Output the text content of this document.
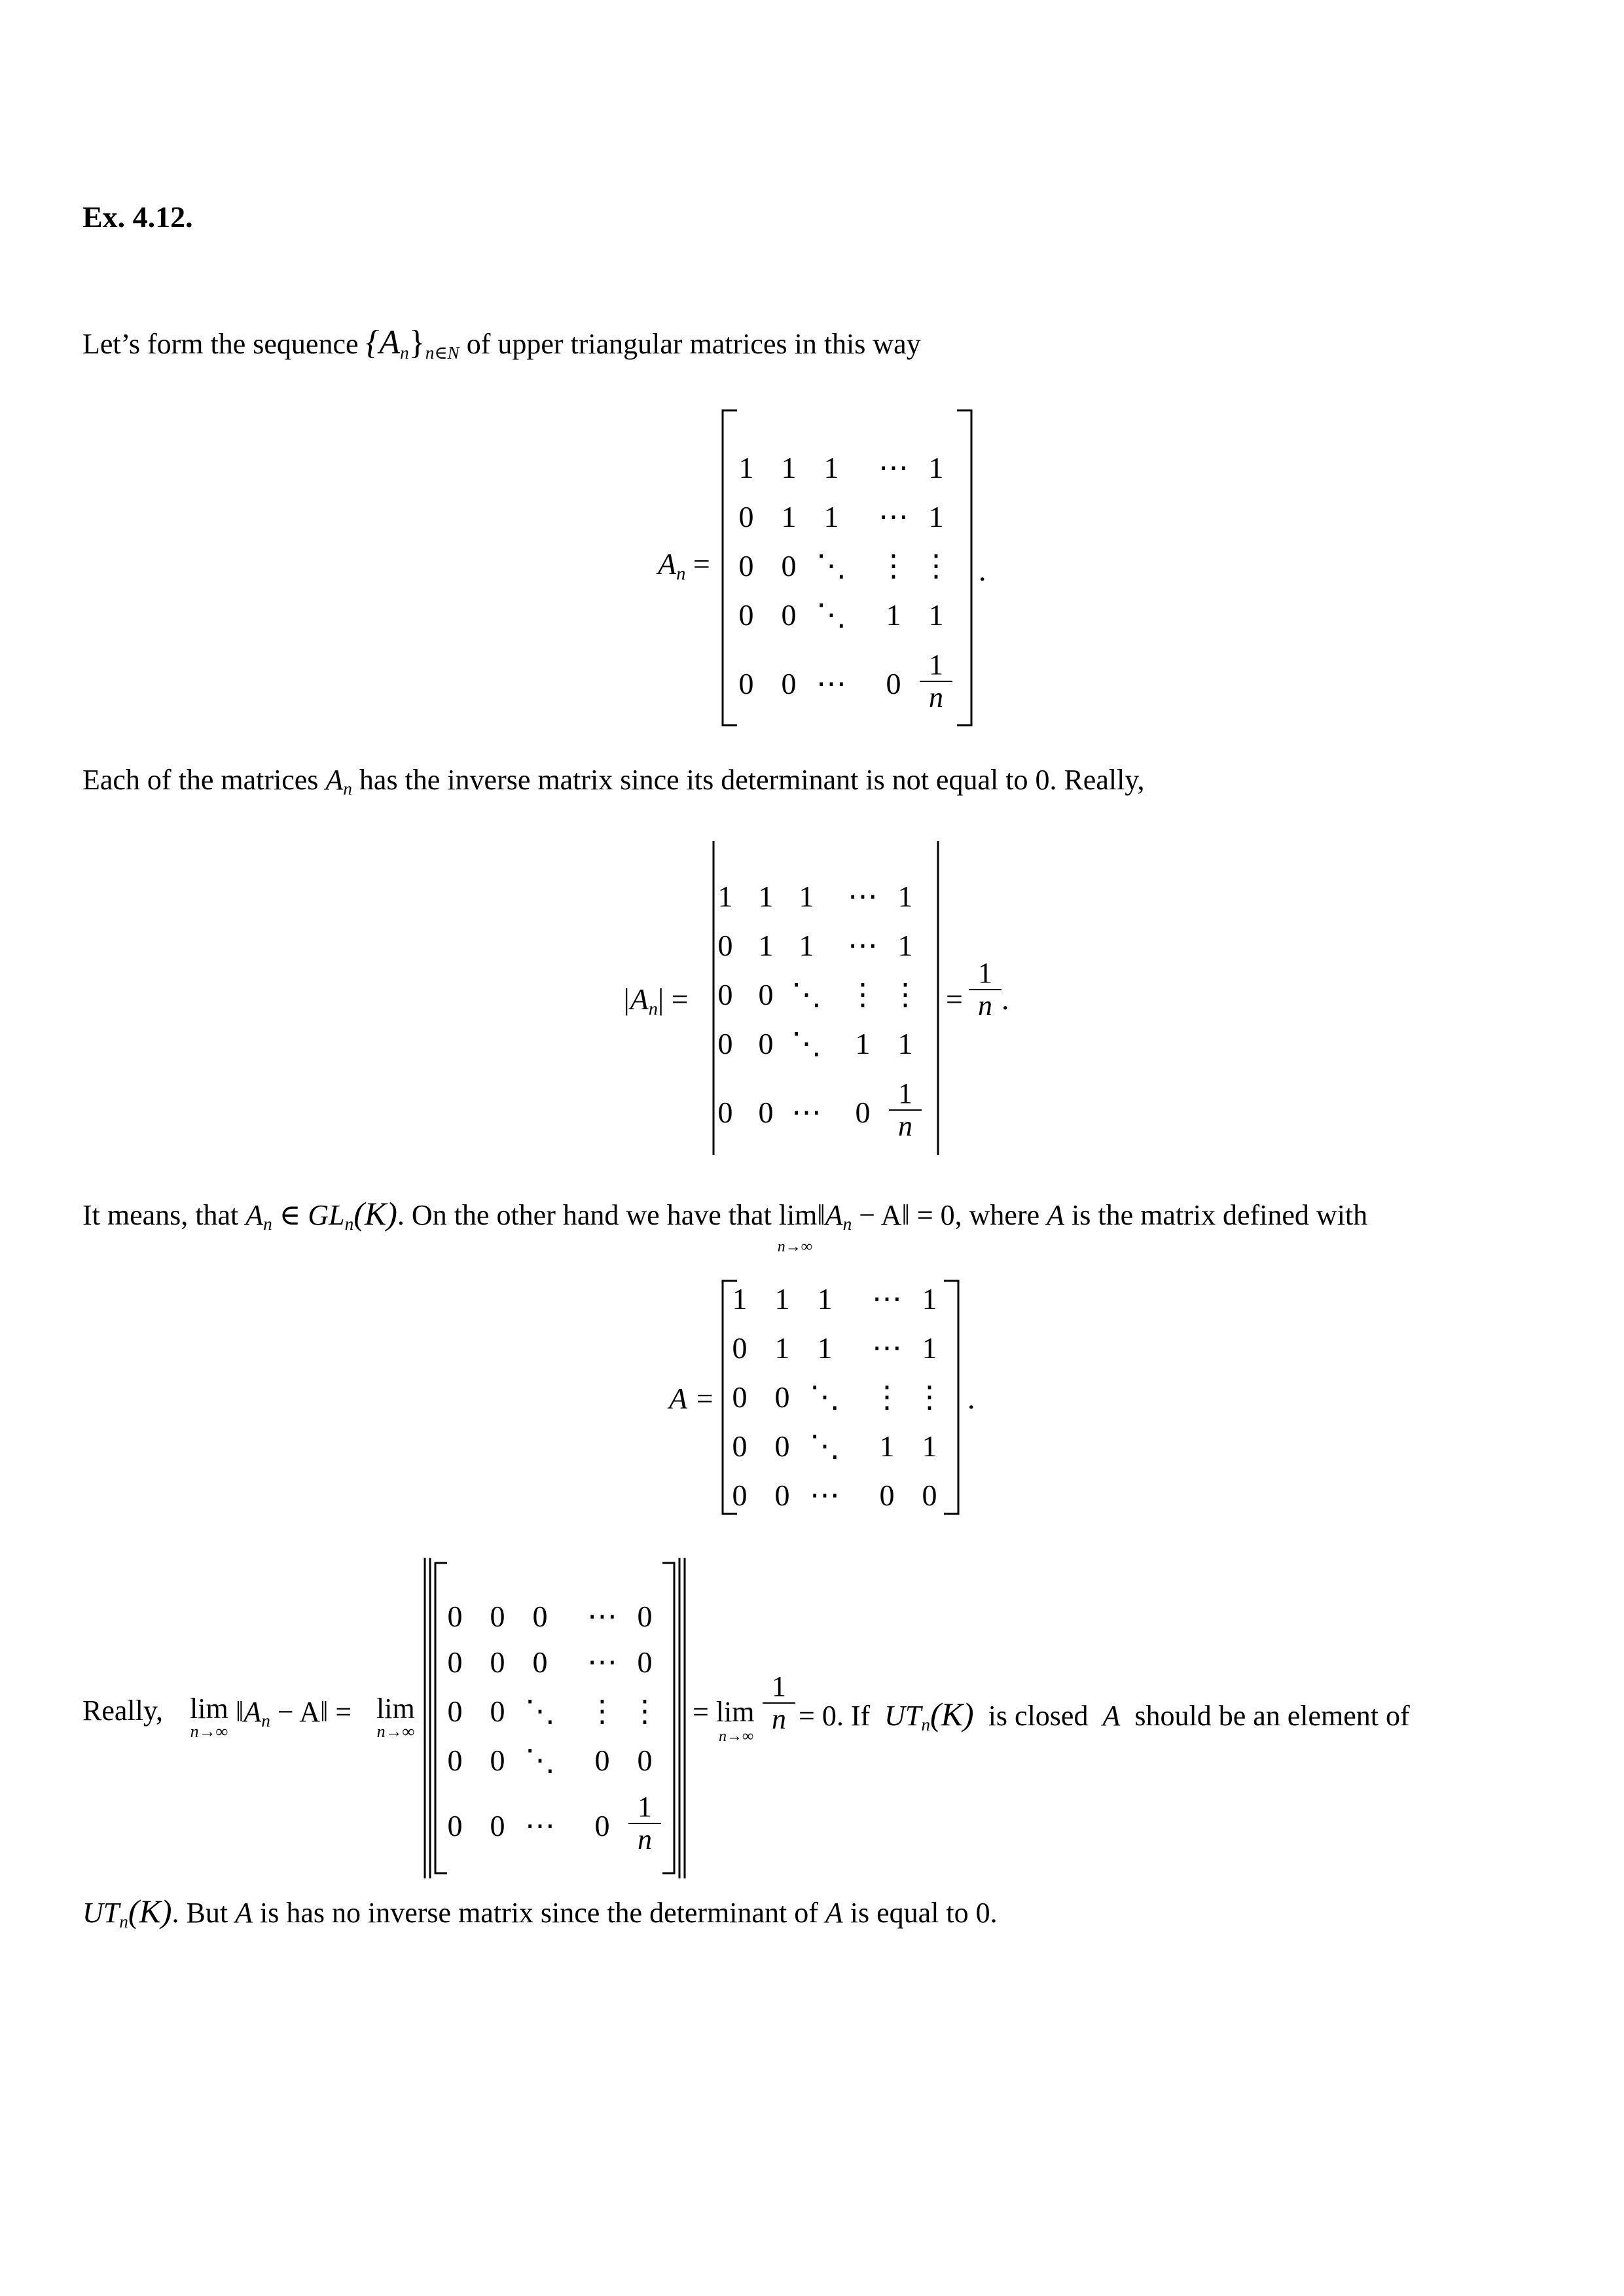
Ex. 4.12.
Let’s form the sequence $\{A_n\}_{n\in N}$ of upper triangular matrices in this way
$A_n$ =
1 1 1	⋯ 1
0 1 1	⋯ 1
0 0 ⋱ ⋮ ⋮
0 0 ⋱	1 1
0 0 ⋯	$0 \frac{1}{n}$
.
Each of the matrices $A_n$ has the inverse matrix since its determinant is not equal to 0. Really,
$|A_n|$ =
1 1 1	⋯ 1
0 1 1	⋯ 1
0 0 ⋱ ⋮ ⋮
0 0 ⋱	1 1
0 0 ⋯	$0 \frac{1}{n}$
= $\frac{1}{n}$ .
It means, that $A_n$ ∈ $GL_n(K)$. On the other hand we have that lim
n→∞
$‖A_n$ − A‖ = 0, where A is the matrix defined with
A =
1 1 1	⋯ 1
0 1 1	⋯ 1
0 0 ⋱ ⋮ ⋮
0 0 ⋱	1 1
0 0 ⋯	0 0
.
Really, lim
n→∞
$‖A_n$ − A‖ = lim
n→∞
0 0 0	⋯ 0
0 0 0	⋯ 0
0 0 ⋱ ⋮ ⋮
0 0 ⋱	0 0
0 0 ⋯	$0 \frac{1}{n}$
= lim
n→∞
$\frac{1}{n} = 0$. If $UT_n(K)$ is closed A should be an element of
$UT_n(K)$. But A is has no inverse matrix since the determinant of A is equal to 0.
